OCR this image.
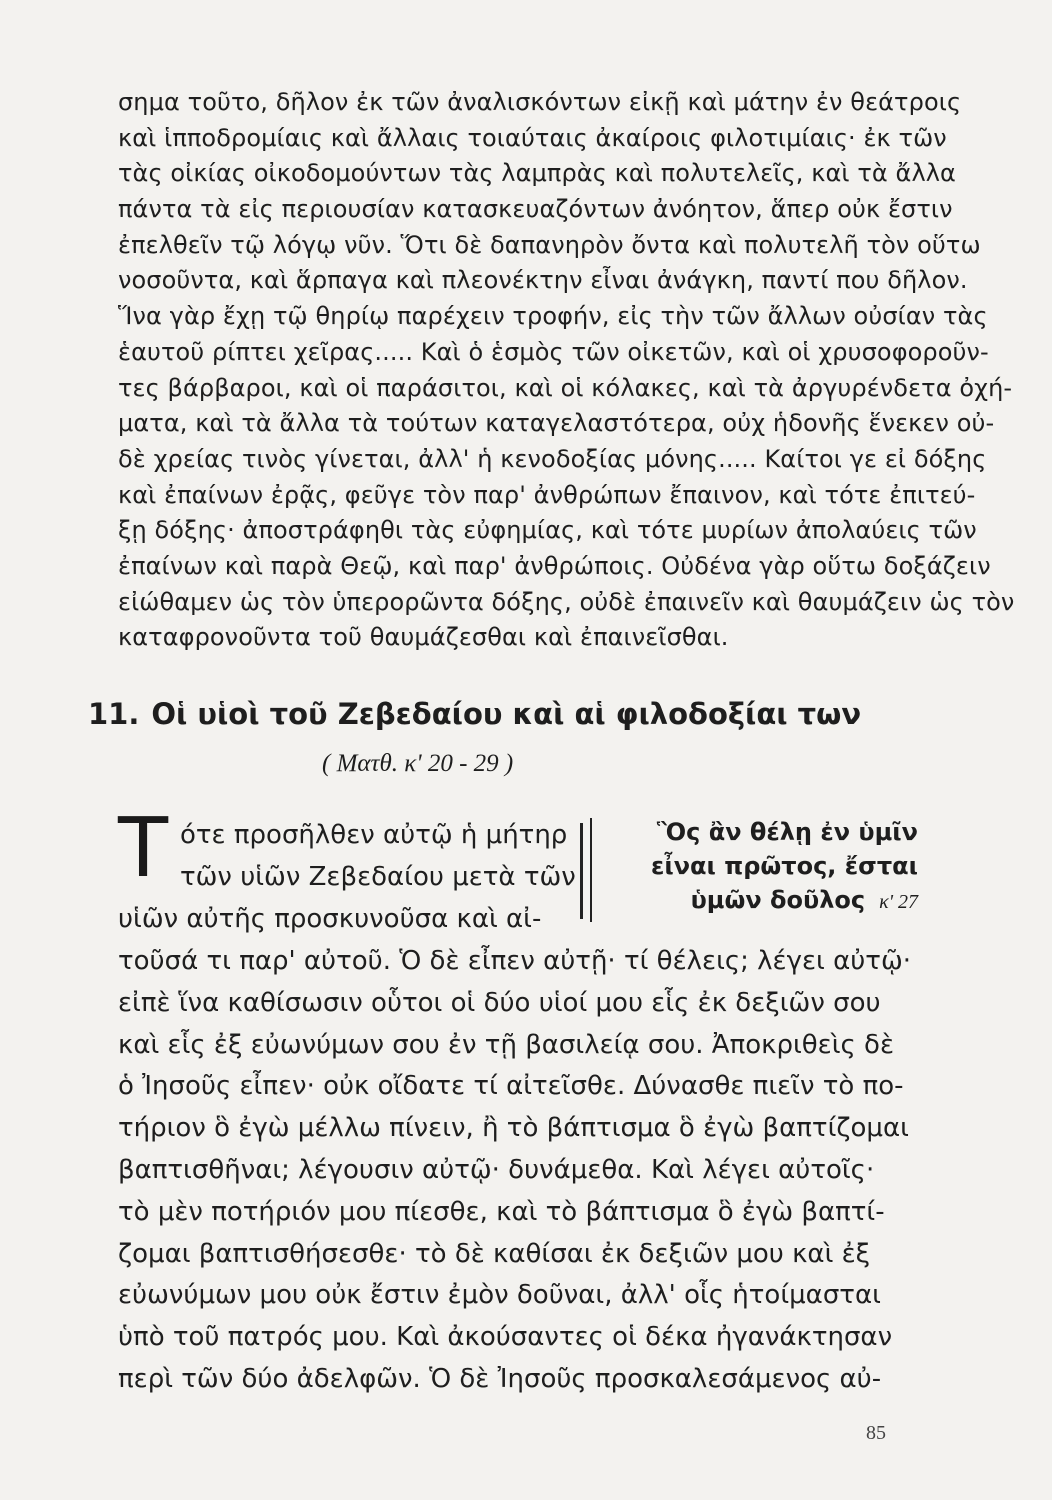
σημα τοῦτο, δῆλον ἐκ τῶν ἀναλισκόντων εἰκῇ καὶ μάτην ἐν θεάτροις
καὶ ἱπποδρομίαις καὶ ἄλλαις τοιαύταις ἀκαίροις φιλοτιμίαις· ἐκ τῶν
τὰς οἰκίας οἰκοδομούντων τὰς λαμπρὰς καὶ πολυτελεῖς, καὶ τὰ ἄλλα
πάντα τὰ εἰς περιουσίαν κατασκευαζόντων ἀνόητον, ἅπερ οὐκ ἔστιν
ἐπελθεῖν τῷ λόγῳ νῦν. Ὅτι δὲ δαπανηρὸν ὄντα καὶ πολυτελῆ τὸν οὕτω
νοσοῦντα, καὶ ἅρπαγα καὶ πλεονέκτην εἶναι ἀνάγκη, παντί που δῆλον.
Ἵνα γὰρ ἔχῃ τῷ θηρίῳ παρέχειν τροφήν, εἰς τὴν τῶν ἄλλων οὐσίαν τὰς
ἑαυτοῦ ρίπτει χεῖρας..... Καὶ ὁ ἑσμὸς τῶν οἰκετῶν, καὶ οἱ χρυσοφοροῦν-
τες βάρβαροι, καὶ οἱ παράσιτοι, καὶ οἱ κόλακες, καὶ τὰ ἀργυρένδετα ὀχή-
ματα, καὶ τὰ ἄλλα τὰ τούτων καταγελαστότερα, οὐχ ἡδονῆς ἕνεκεν οὐ-
δὲ χρείας τινὸς γίνεται, ἀλλ' ἡ κενοδοξίας μόνης..... Καίτοι γε εἰ δόξης
καὶ ἐπαίνων ἐρᾷς, φεῦγε τὸν παρ' ἀνθρώπων ἔπαινον, καὶ τότε ἐπιτεύ-
ξῃ δόξης· ἀποστράφηθι τὰς εὐφημίας, καὶ τότε μυρίων ἀπολαύεις τῶν
ἐπαίνων καὶ παρὰ Θεῷ, καὶ παρ' ἀνθρώποις. Οὐδένα γὰρ οὕτω δοξάζειν
εἰώθαμεν ὡς τὸν ὑπερορῶντα δόξης, οὐδὲ ἐπαινεῖν καὶ θαυμάζειν ὡς τὸν
καταφρονοῦντα τοῦ θαυμάζεσθαι καὶ ἐπαινεῖσθαι.
11. Οἱ υἱοὶ τοῦ Ζεβεδαίου καὶ αἱ φιλοδοξίαι των
( Ματθ. κ' 20 - 29 )
Τ ότε προσῆλθεν αὐτῷ ἡ μήτηρ
τῶν υἱῶν Ζεβεδαίου μετὰ τῶν
υἱῶν αὐτῆς προσκυνοῦσα καὶ αἰ-
Ὃς ἂν θέλῃ ἐν ὑμῖν
εἶναι πρῶτος, ἔσται
ὑμῶν δοῦλος κ' 27
τοῦσά τι παρ' αὐτοῦ. Ὁ δὲ εἶπεν αὐτῇ· τί θέλεις; λέγει αὐτῷ·
εἰπὲ ἵνα καθίσωσιν οὗτοι οἱ δύο υἱοί μου εἷς ἐκ δεξιῶν σου
καὶ εἷς ἐξ εὐωνύμων σου ἐν τῇ βασιλείᾳ σου. Ἀποκριθεὶς δὲ
ὁ Ἰησοῦς εἶπεν· οὐκ οἴδατε τί αἰτεῖσθε. Δύνασθε πιεῖν τὸ πο-
τήριον ὃ ἐγὼ μέλλω πίνειν, ἢ τὸ βάπτισμα ὃ ἐγὼ βαπτίζομαι
βαπτισθῆναι; λέγουσιν αὐτῷ· δυνάμεθα. Καὶ λέγει αὐτοῖς·
τὸ μὲν ποτήριόν μου πίεσθε, καὶ τὸ βάπτισμα ὃ ἐγὼ βαπτί-
ζομαι βαπτισθήσεσθε· τὸ δὲ καθίσαι ἐκ δεξιῶν μου καὶ ἐξ
εὐωνύμων μου οὐκ ἔστιν ἐμὸν δοῦναι, ἀλλ' οἷς ἡτοίμασται
ὑπὸ τοῦ πατρός μου. Καὶ ἀκούσαντες οἱ δέκα ἠγανάκτησαν
περὶ τῶν δύο ἀδελφῶν. Ὁ δὲ Ἰησοῦς προσκαλεσάμενος αὐ-
85
